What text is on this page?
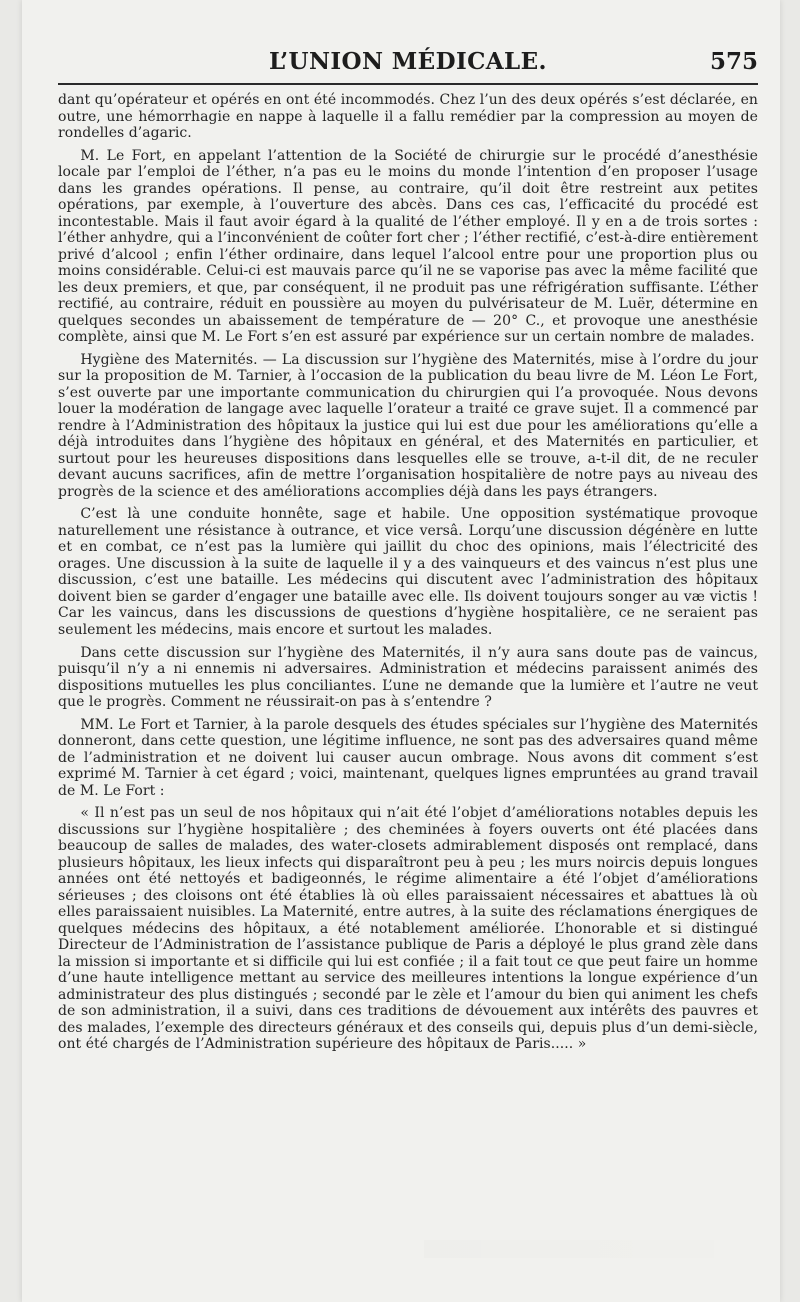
L’UNION MÉDICALE.	575

dant qu’opérateur et opérés en ont été incommodés. Chez l’un des deux opérés s’est déclarée, en outre, une hémorrhagie en nappe à laquelle il a fallu remédier par la compression au moyen de rondelles d’agaric.

M. Le Fort, en appelant l’attention de la Société de chirurgie sur le procédé d’anesthésie locale par l’emploi de l’éther, n’a pas eu le moins du monde l’intention d’en proposer l’usage dans les grandes opérations. Il pense, au contraire, qu’il doit être restreint aux petites opérations, par exemple, à l’ouverture des abcès. Dans ces cas, l’efficacité du procédé est incontestable. Mais il faut avoir égard à la qualité de l’éther employé. Il y en a de trois sortes : l’éther anhydre, qui a l’inconvénient de coûter fort cher ; l’éther rectifié, c’est-à-dire entièrement privé d’alcool ; enfin l’éther ordinaire, dans lequel l’alcool entre pour une proportion plus ou moins considérable. Celui-ci est mauvais parce qu’il ne se vaporise pas avec la même facilité que les deux premiers, et que, par conséquent, il ne produit pas une réfrigération suffisante. L’éther rectifié, au contraire, réduit en poussière au moyen du pulvérisateur de M. Luër, détermine en quelques secondes un abaissement de température de — 20° C., et provoque une anesthésie complète, ainsi que M. Le Fort s’en est assuré par expérience sur un certain nombre de malades.

Hygiène des Maternités. — La discussion sur l’hygiène des Maternités, mise à l’ordre du jour sur la proposition de M. Tarnier, à l’occasion de la publication du beau livre de M. Léon Le Fort, s’est ouverte par une importante communication du chirurgien qui l’a provoquée. Nous devons louer la modération de langage avec laquelle l’orateur a traité ce grave sujet. Il a commencé par rendre à l’Administration des hôpitaux la justice qui lui est due pour les améliorations qu’elle a déjà introduites dans l’hygiène des hôpitaux en général, et des Maternités en particulier, et surtout pour les heureuses dispositions dans lesquelles elle se trouve, a-t-il dit, de ne reculer devant aucuns sacrifices, afin de mettre l’organisation hospitalière de notre pays au niveau des progrès de la science et des améliorations accomplies déjà dans les pays étrangers.

C’est là une conduite honnête, sage et habile. Une opposition systématique provoque naturellement une résistance à outrance, et vice versâ. Lorqu’une discussion dégénère en lutte et en combat, ce n’est pas la lumière qui jaillit du choc des opinions, mais l’électricité des orages. Une discussion à la suite de laquelle il y a des vainqueurs et des vaincus n’est plus une discussion, c’est une bataille. Les médecins qui discutent avec l’administration des hôpitaux doivent bien se garder d’engager une bataille avec elle. Ils doivent toujours songer au væ victis ! Car les vaincus, dans les discussions de questions d’hygiène hospitalière, ce ne seraient pas seulement les médecins, mais encore et surtout les malades.

Dans cette discussion sur l’hygiène des Maternités, il n’y aura sans doute pas de vaincus, puisqu’il n’y a ni ennemis ni adversaires. Administration et médecins paraissent animés des dispositions mutuelles les plus conciliantes. L’une ne demande que la lumière et l’autre ne veut que le progrès. Comment ne réussirait-on pas à s’entendre ?

MM. Le Fort et Tarnier, à la parole desquels des études spéciales sur l’hygiène des Maternités donneront, dans cette question, une légitime influence, ne sont pas des adversaires quand même de l’administration et ne doivent lui causer aucun ombrage. Nous avons dit comment s’est exprimé M. Tarnier à cet égard ; voici, maintenant, quelques lignes empruntées au grand travail de M. Le Fort :

« Il n’est pas un seul de nos hôpitaux qui n’ait été l’objet d’améliorations notables depuis les discussions sur l’hygiène hospitalière ; des cheminées à foyers ouverts ont été placées dans beaucoup de salles de malades, des water-closets admirablement disposés ont remplacé, dans plusieurs hôpitaux, les lieux infects qui disparaîtront peu à peu ; les murs noircis depuis longues années ont été nettoyés et badigeonnés, le régime alimentaire a été l’objet d’améliorations sérieuses ; des cloisons ont été établies là où elles paraissaient nécessaires et abattues là où elles paraissaient nuisibles. La Maternité, entre autres, à la suite des réclamations énergiques de quelques médecins des hôpitaux, a été notablement améliorée. L’honorable et si distingué Directeur de l’Administration de l’assistance publique de Paris a déployé le plus grand zèle dans la mission si importante et si difficile qui lui est confiée ; il a fait tout ce que peut faire un homme d’une haute intelligence mettant au service des meilleures intentions la longue expérience d’un administrateur des plus distingués ; secondé par le zèle et l’amour du bien qui animent les chefs de son administration, il a suivi, dans ces traditions de dévouement aux intérêts des pauvres et des malades, l’exemple des directeurs généraux et des conseils qui, depuis plus d’un demi-siècle, ont été chargés de l’Administration supérieure des hôpitaux de Paris..... »
